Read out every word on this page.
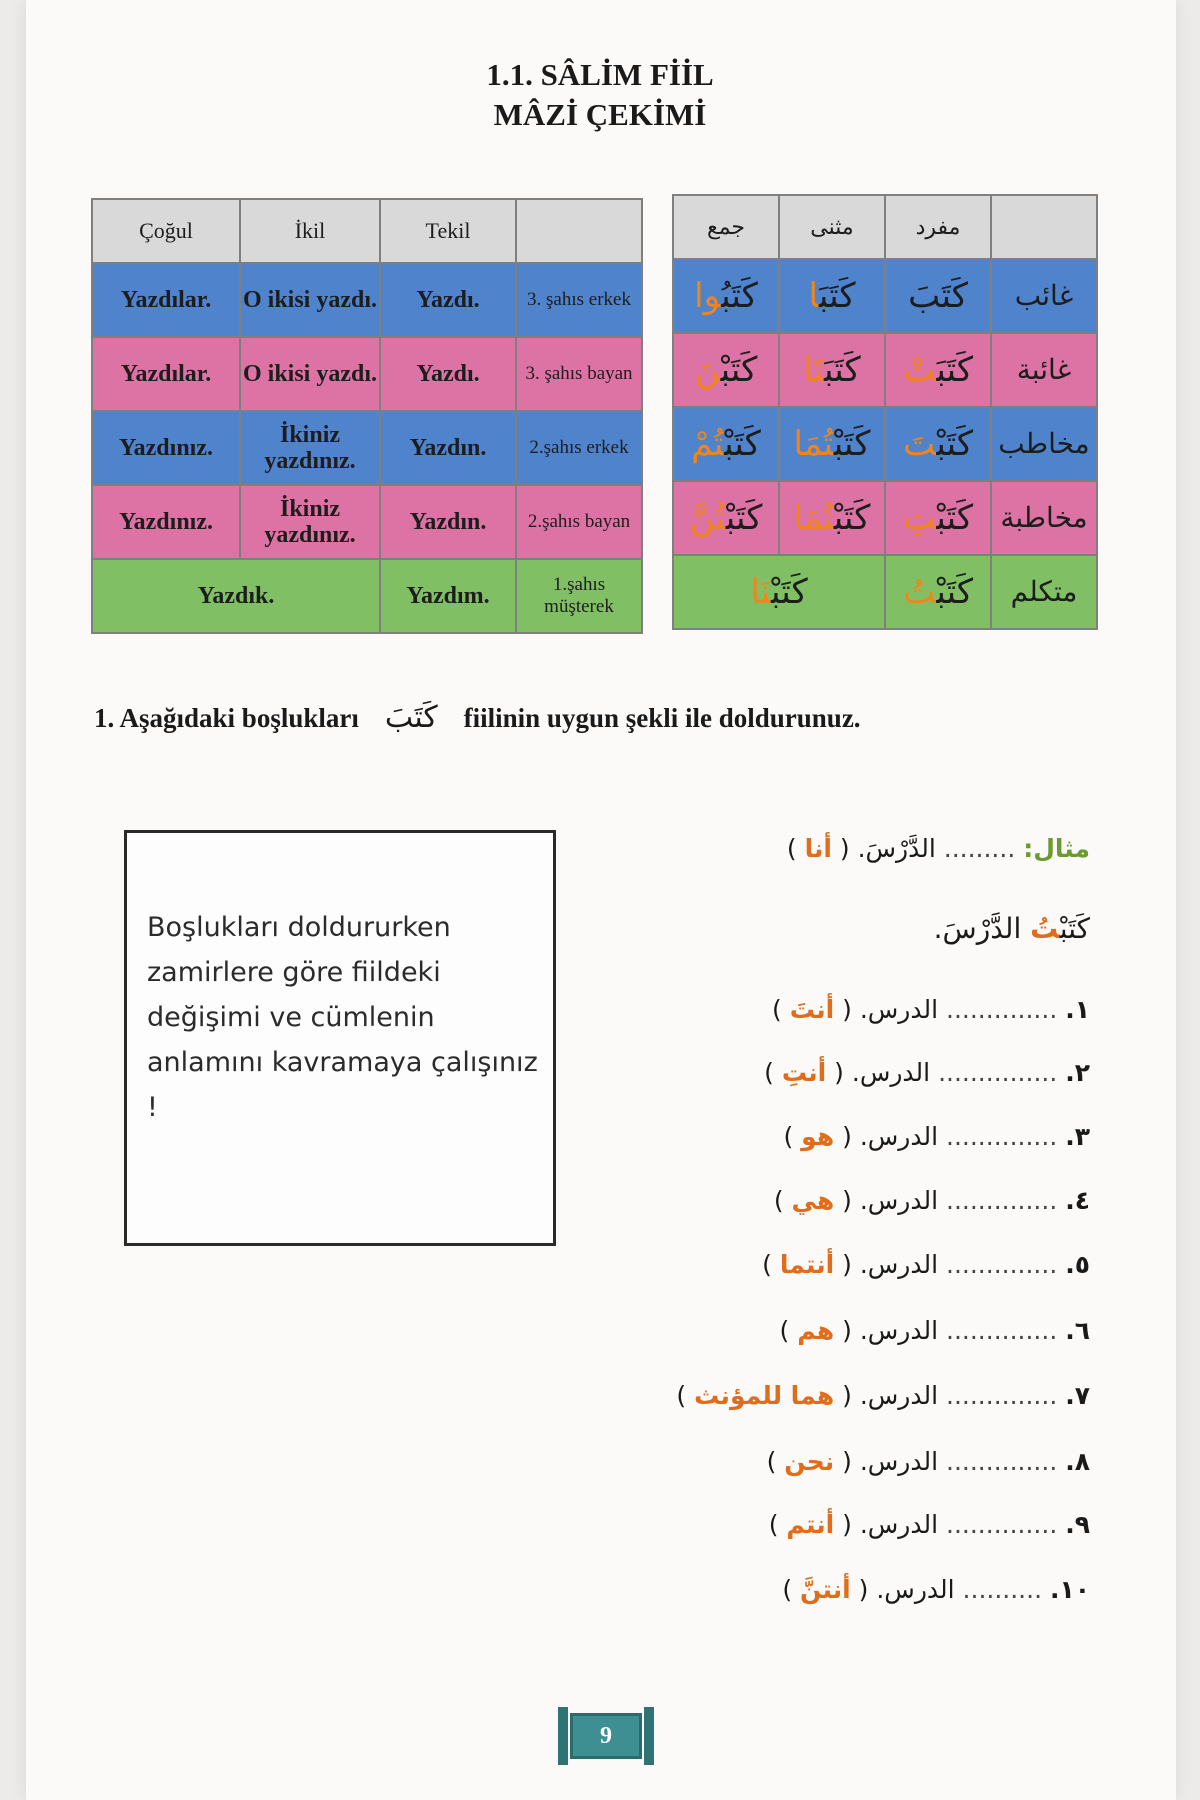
1.1. SÂLİM FİİL
MÂZİ ÇEKİMİ
Çoğul	İkil	Tekil	
Yazdılar.	O ikisi yazdı.	Yazdı.	3. şahıs erkek
Yazdılar.	O ikisi yazdı.	Yazdı.	3. şahıs bayan
Yazdınız.	İkiniz yazdınız.	Yazdın.	2.şahıs erkek
Yazdınız.	İkiniz yazdınız.	Yazdın.	2.şahıs bayan
Yazdık.		Yazdım.	1.şahıs müşterek
جمع	مثنى	مفرد	
كَتَبُوا	كَتَبَا	كَتَبَ	غائب
كَتَبْنَ	كَتَبَتَا	كَتَبَتْ	غائبة
كَتَبْتُمْ	كَتَبْتُمَا	كَتَبْتَ	مخاطب
كَتَبْتُنَّ	كَتَبْتُمَا	كَتَبْتِ	مخاطبة
كَتَبْنَا		كَتَبْتُ	متكلم
1. Aşağıdaki boşlukları كَتَبَ fiilinin uygun şekli ile doldurunuz.
Boşlukları doldururken zamirlere göre fiildeki değişimi ve cümlenin anlamını kavramaya çalışınız !
مثال: ......... الدَّرْسَ. ( أنا )
كَتَبْتُ الدَّرْسَ.
١. .............. الدرس. ( أنتَ )
٢. ............... الدرس. ( أنتِ )
٣. .............. الدرس. ( هو )
٤. .............. الدرس. ( هي )
٥. .............. الدرس. ( أنتما )
٦. .............. الدرس. ( هم )
٧. .............. الدرس. ( هما للمؤنث )
٨. .............. الدرس. ( نحن )
٩. .............. الدرس. ( أنتم )
١٠. .......... الدرس. ( أنتنَّ )
9
